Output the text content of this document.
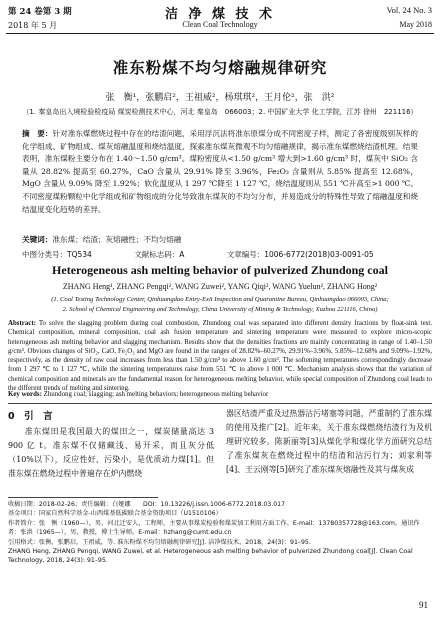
第 24 卷第 3 期
2018 年 5 月
洁 净 煤 技 术
Clean Coal Technology
Vol. 24 No. 3
May 2018
准东粉煤不均匀熔融规律研究
张　衡¹，张鹏启²，王祖威²，杨琪琪²，王月伦²，张　洪²
（1. 秦皇岛出入境检验检疫局 煤炭检测技术中心，河北 秦皇岛　066003；2. 中国矿业大学 化工学院，江苏 徐州　221116）
摘　要：针对准东煤燃烧过程中存在的结渣问题，采用浮沉法将准东原煤分成不同密度子样，测定了各密度级别灰样的化学组成、矿物组成、煤灰熔融温度和烧结温度，探索准东煤灰微观不均匀熔融规律，揭示准东煤燃烧结渣机理。结果表明，准东煤粉主要分布在 1.40～1.50 g/cm³。煤粉密度从<1.50 g/cm³ 增大到>1.60 g/cm³ 时，煤灰中 SiO₂ 含量从 28.82% 提高至 60.27%，CaO 含量从 29.91% 降至 3.96%，Fe₂O₃ 含量则从 5.85% 提高至 12.68%，MgO 含量从 9.09% 降至 1.92%；软化温度从 1 297 ℃降至 1 127 ℃，烧结温度则从 551 ℃升高至>1 000 ℃。不同密度煤粉颗粒中化学组成和矿物组成的分化导致准东煤灰的不均匀分布，并易造成分的特殊性导致了熔融温度和烧结温度变化趋势的差异。
关键词：准东煤；结渣；灰熔融性；不均匀熔融
中图分类号：TQ534	文献标志码：A	文章编号：1006-6772(2018)03-0091-05
Heterogeneous ash melting behavior of pulverized Zhundong coal
ZHANG Heng¹, ZHANG Pengqi², WANG Zuwei², YANG Qiqi², WANG Yuelun², ZHANG Hong²
(1. Coal Testing Technology Center, Qinhuangdao Entry-Exit Inspection and Quarantine Bureau, Qinhuangdao 066003, China;
2. School of Chemical Engineering and Technology, China University of Mining & Technology, Xuzhou 221116, China)
Abstract: To solve the slagging problem during coal combustion, Zhundong coal was separated into different density fractions by float-sink test. Chemical composition, mineral composition, coal ash fusion temperature and sintering temperature were measured to explore micro-scopic heterogeneous ash melting behavior and slagging mechanism. Results show that the densities fractions are mainly concentrating in range of 1.40–1.50 g/cm³. Obvious changes of SiO₂, CaO, Fe₂O₃ and MgO are found in the ranges of 28.82%–60.27%, 29.91%–3.96%, 5.85%–12.68% and 9.09%–1.92%, respectively, as the density of raw coal increases from less than 1.50 g/cm³ to above 1.60 g/cm³. The softening temperatures correspondingly decrease from 1 297 ℃ to 1 127 ℃, while the sintering temperatures raise from 551 ℃ to above 1 000 ℃. Mechanism analysis shows that the variation of chemical composition and minerals are the fundamental reason for heterogeneous melting behavior, while special composition of Zhundong coal leads to the different trends of melting and sintering.
Key words: Zhundong coal; slagging; ash melting behaviors; heterogeneous melting behavior
0　引　言
准东煤田是我国最大的煤田之一，煤炭储量高达 3 900 亿 t。准东煤不仅储藏浅、易开采，而且灰分低（10%以下），反应性好、污染小，是优质动力煤[1]。但准东煤在燃烧过程中普遍存在炉内燃烧
器区结渣严重及过热器沾污堵塞等问题，严重制约了准东煤的使用及推广[2]。近年来，关于准东煤燃烧结渣行为及机理研究较多。陈新丽等[3]从煤化学和煤化学方面研究总结了准东煤灰在燃烧过程中的结渣和沾污行为；刘家利等[4]、王云刚等[5]研究了准东煤灰熔融性及其与煤灰成
收稿日期：2018-02-26；责任编辑：白娅娜　　DOI：10.13226/j.issn.1006-6772.2018.03.017
基金项目：国家自然科学基金-山西煤基低碳联合基金资助项目（U1510106）
作者简介：张　衡（1960—），男，河北迁安人，工程师，主要从事煤炭检验和煤炭加工利用方面工作。E-mail：13780357728@163.com。通讯作者：张洪（1965—），男，教授，博士生导师。E-mail：hzhang@cumt.edu.cn
引用格式：张衡，张鹏启，王祖威，等. 准东粉煤不均匀熔融规律研究[J]. 洁净煤技术，2018，24(3)：91–95.
ZHANG Heng, ZHANG Pengqi, WANG Zuwei, et al. Heterogeneous ash melting behavior of pulverized Zhundong coal[J]. Clean Coal Technology, 2018, 24(3): 91–95.
91
